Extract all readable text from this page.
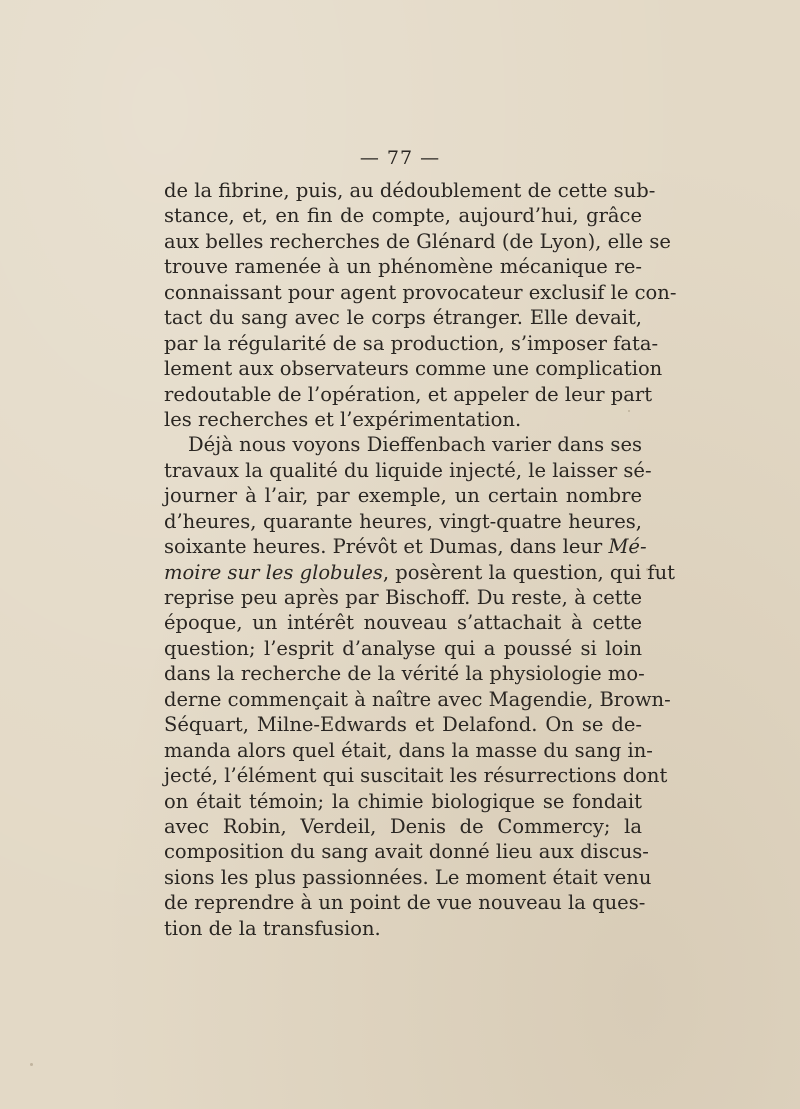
— 77 —
de la fibrine, puis, au dédoublement de cette sub-
stance, et, en fin de compte, aujourd’hui, grâce
aux belles recherches de Glénard (de Lyon), elle se
trouve ramenée à un phénomène mécanique re-
connaissant pour agent provocateur exclusif le con-
tact du sang avec le corps étranger. Elle devait,
par la régularité de sa production, s’imposer fata-
lement aux observateurs comme une complication
redoutable de l’opération, et appeler de leur part
les recherches et l’expérimentation.
Déjà nous voyons Dieffenbach varier dans ses
travaux la qualité du liquide injecté, le laisser sé-
journer à l’air, par exemple, un certain nombre
d’heures, quarante heures, vingt-quatre heures,
soixante heures. Prévôt et Dumas, dans leur Mé-
moire sur les globules, posèrent la question, qui fut
reprise peu après par Bischoff. Du reste, à cette
époque, un intérêt nouveau s’attachait à cette
question; l’esprit d’analyse qui a poussé si loin
dans la recherche de la vérité la physiologie mo-
derne commençait à naître avec Magendie, Brown-
Séquart, Milne-Edwards et Delafond. On se de-
manda alors quel était, dans la masse du sang in-
jecté, l’élément qui suscitait les résurrections dont
on était témoin; la chimie biologique se fondait
avec Robin, Verdeil, Denis de Commercy; la
composition du sang avait donné lieu aux discus-
sions les plus passionnées. Le moment était venu
de reprendre à un point de vue nouveau la ques-
tion de la transfusion.
